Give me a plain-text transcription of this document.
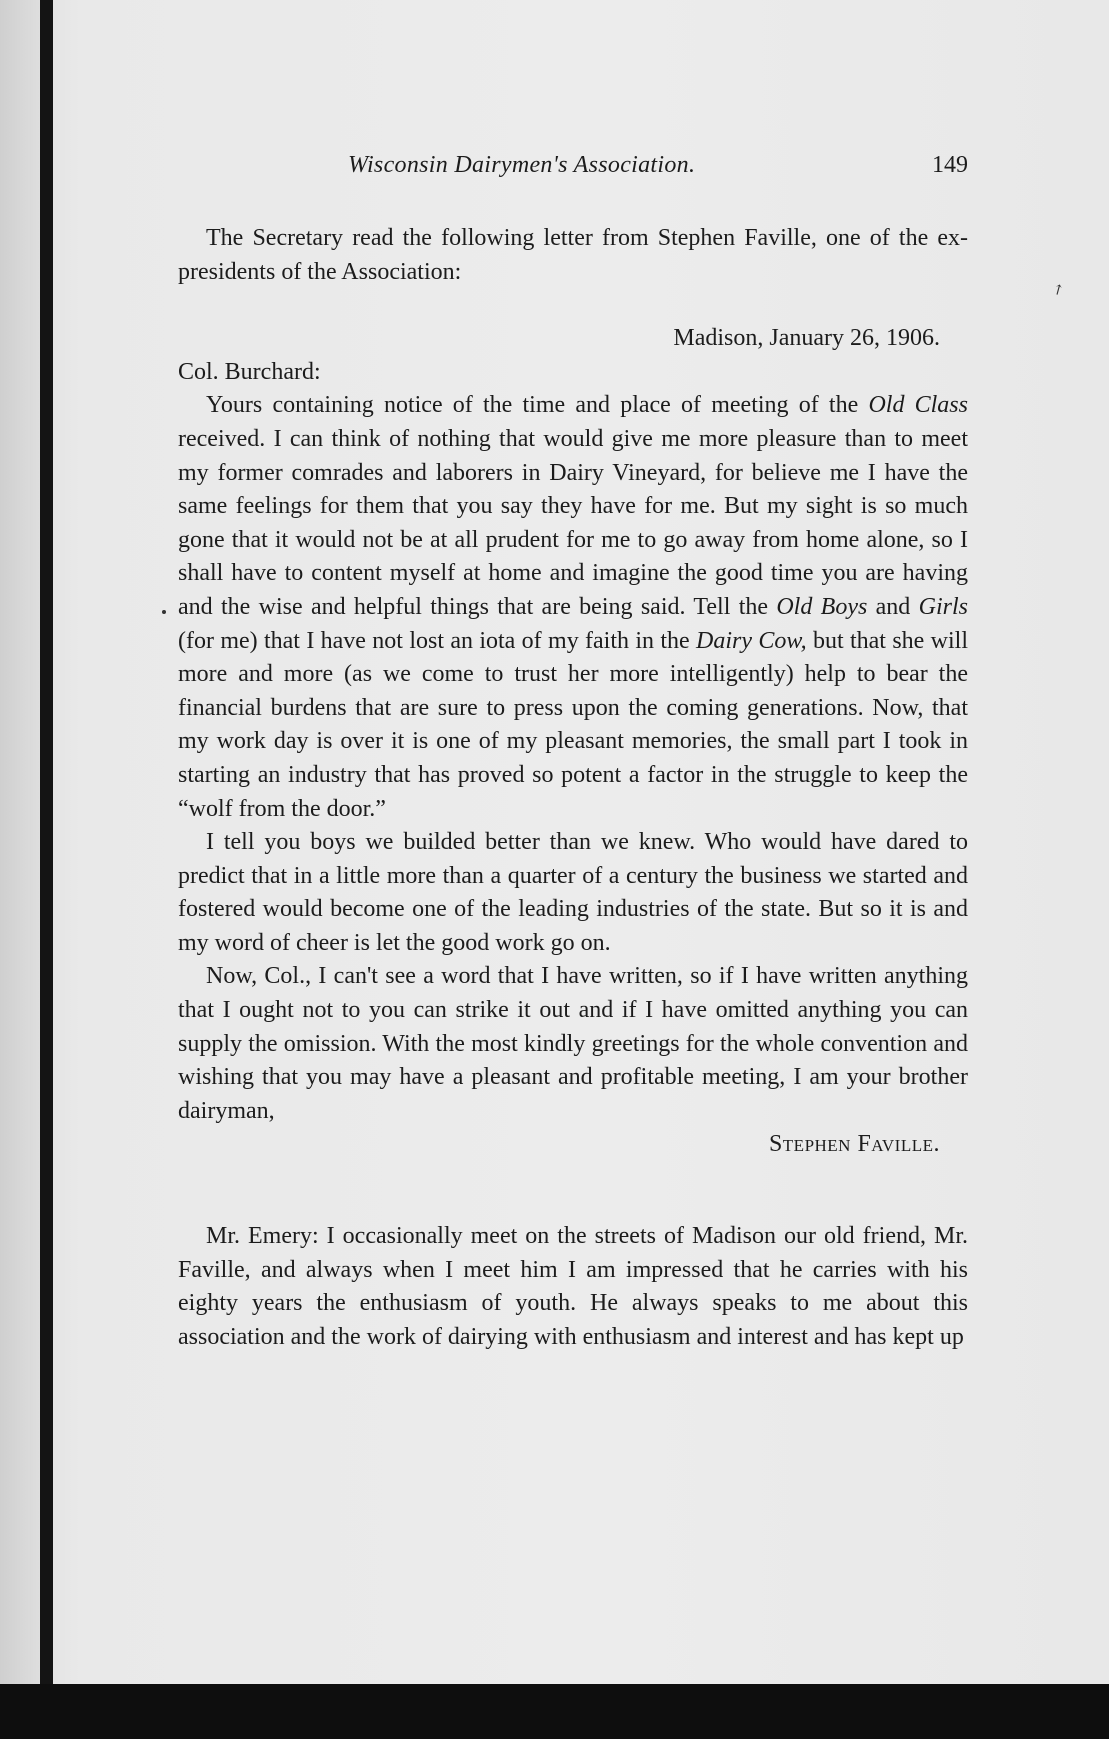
Wisconsin Dairymen's Association.	149
↗

The Secretary read the following letter from Stephen Faville, one of the ex-presidents of the Association:

Madison, January 26, 1906.

Col. Burchard:

Yours containing notice of the time and place of meeting of the Old Class received. I can think of nothing that would give me more pleasure than to meet my former comrades and laborers in Dairy Vineyard, for believe me I have the same feelings for them that you say they have for me. But my sight is so much gone that it would not be at all prudent for me to go away from home alone, so I shall have to content myself at home and imagine the good time you are having and the wise and helpful things that are being said. Tell the Old Boys and Girls (for me) that I have not lost an iota of my faith in the Dairy Cow, but that she will more and more (as we come to trust her more intelligently) help to bear the financial burdens that are sure to press upon the coming generations. Now, that my work day is over it is one of my pleasant memories, the small part I took in starting an industry that has proved so potent a factor in the struggle to keep the “wolf from the door.”

I tell you boys we builded better than we knew. Who would have dared to predict that in a little more than a quarter of a century the business we started and fostered would become one of the leading industries of the state. But so it is and my word of cheer is let the good work go on.

Now, Col., I can't see a word that I have written, so if I have written anything that I ought not to you can strike it out and if I have omitted anything you can supply the omission. With the most kindly greetings for the whole convention and wishing that you may have a pleasant and profitable meeting, I am your brother dairyman,

Stephen Faville.

Mr. Emery: I occasionally meet on the streets of Madison our old friend, Mr. Faville, and always when I meet him I am impressed that he carries with his eighty years the enthusiasm of youth. He always speaks to me about this association and the work of dairying with enthusiasm and interest and has kept up
